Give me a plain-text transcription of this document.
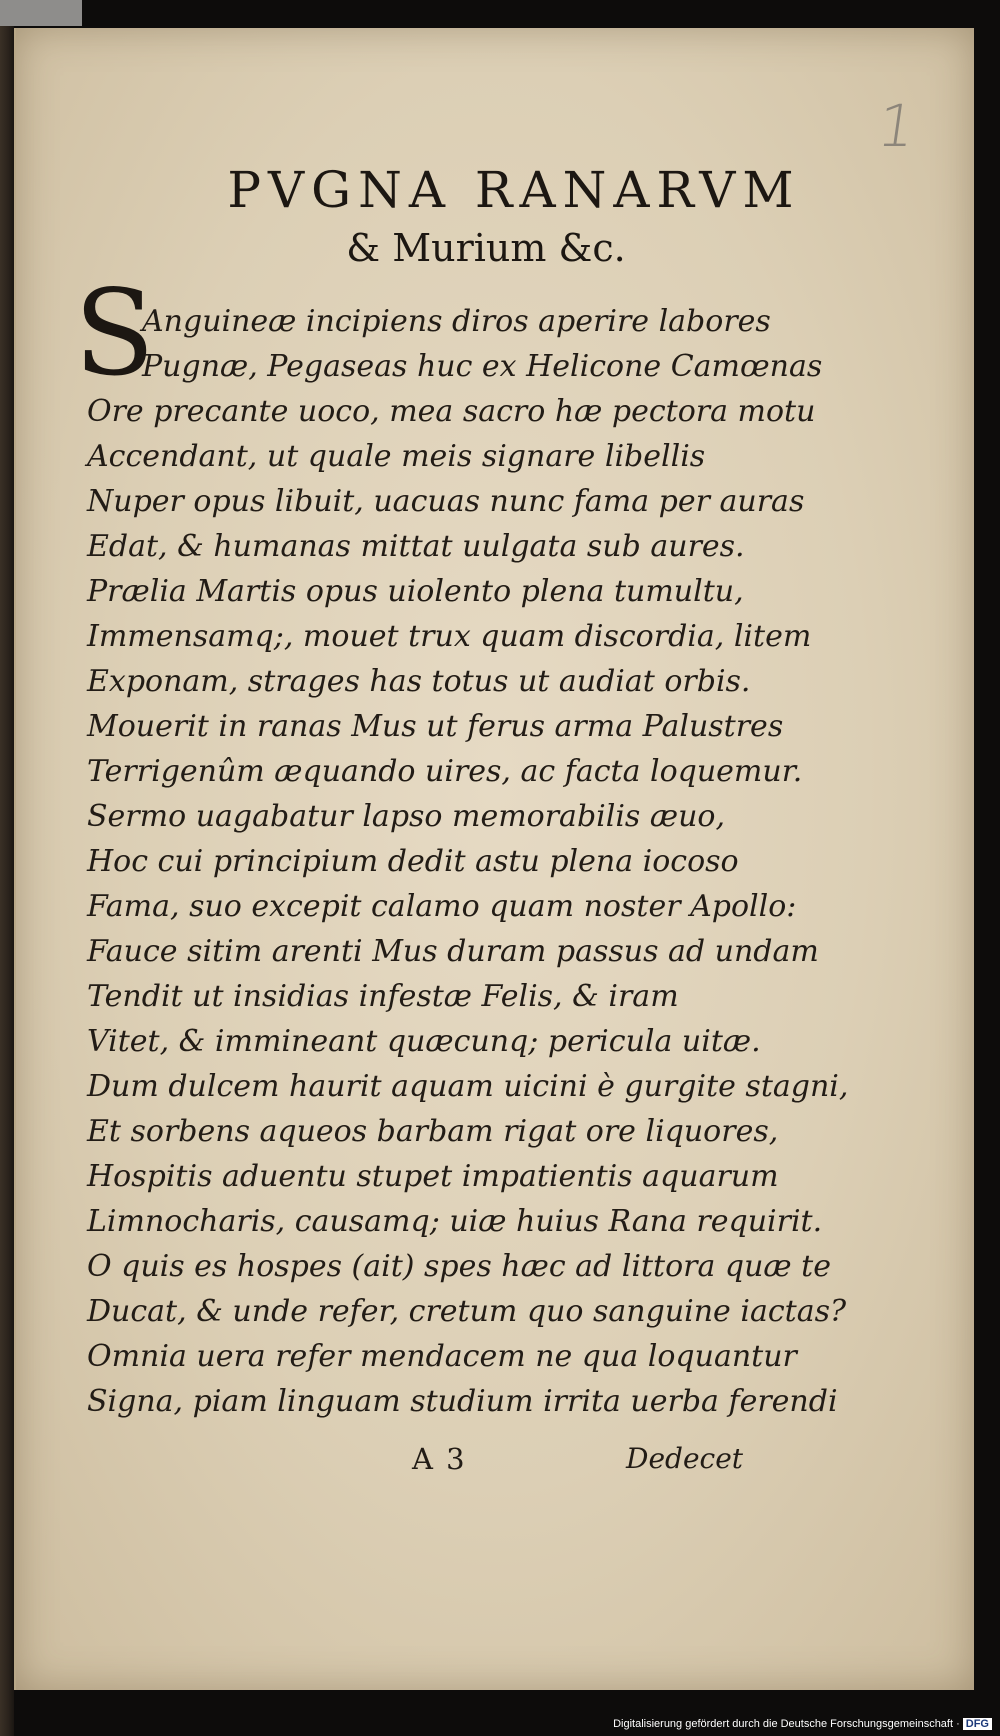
1
PVGNA RANARVM
& Murium &c.
S
Anguineæ incipiens diros aperire labores
Pugnæ, Pegaseas huc ex Helicone Camœnas
Ore precante uoco, mea sacro hæ pectora motu
Accendant, ut quale meis signare libellis
Nuper opus libuit, uacuas nunc fama per auras
Edat, & humanas mittat uulgata sub aures.
Prælia Martis opus uiolento plena tumultu,
Immensamq;, mouet trux quam discordia, litem
Exponam, strages has totus ut audiat orbis.
Mouerit in ranas Mus ut ferus arma Palustres
Terrigenûm æquando uires, ac facta loquemur.
Sermo uagabatur lapso memorabilis æuo,
Hoc cui principium dedit astu plena iocoso
Fama, suo excepit calamo quam noster Apollo:
Fauce sitim arenti Mus duram passus ad undam
Tendit ut insidias infestæ Felis, & iram
Vitet, & immineant quæcunq; pericula uitæ.
Dum dulcem haurit aquam uicini è gurgite stagni,
Et sorbens aqueos barbam rigat ore liquores,
Hospitis aduentu stupet impatientis aquarum
Limnocharis, causamq; uiæ huius Rana requirit.
O quis es hospes (ait) spes hæc ad littora quæ te
Ducat, & unde refer, cretum quo sanguine iactas?
Omnia uera refer mendacem ne qua loquantur
Signa, piam linguam studium irrita uerba ferendi
A 3	Dedecet
Digitalisierung gefördert durch die Deutsche Forschungsgemeinschaft · DFG
